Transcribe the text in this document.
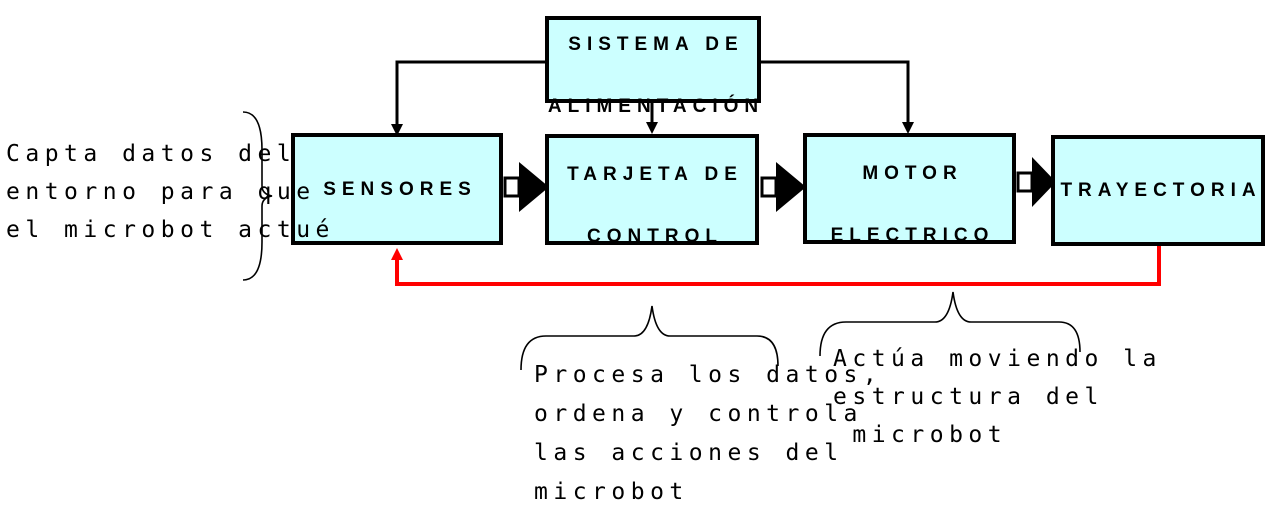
SISTEMA DE

ALIMENTACIÓN

SENSORES

TARJETA DE

CONTROL

MOTOR

ELECTRICO

TRAYECTORIA
Capta datos del
entorno para que
el microbot actué
Procesa los datos,
ordena y controla
las acciones del
microbot
Actúa moviendo la
estructura del
microbot
